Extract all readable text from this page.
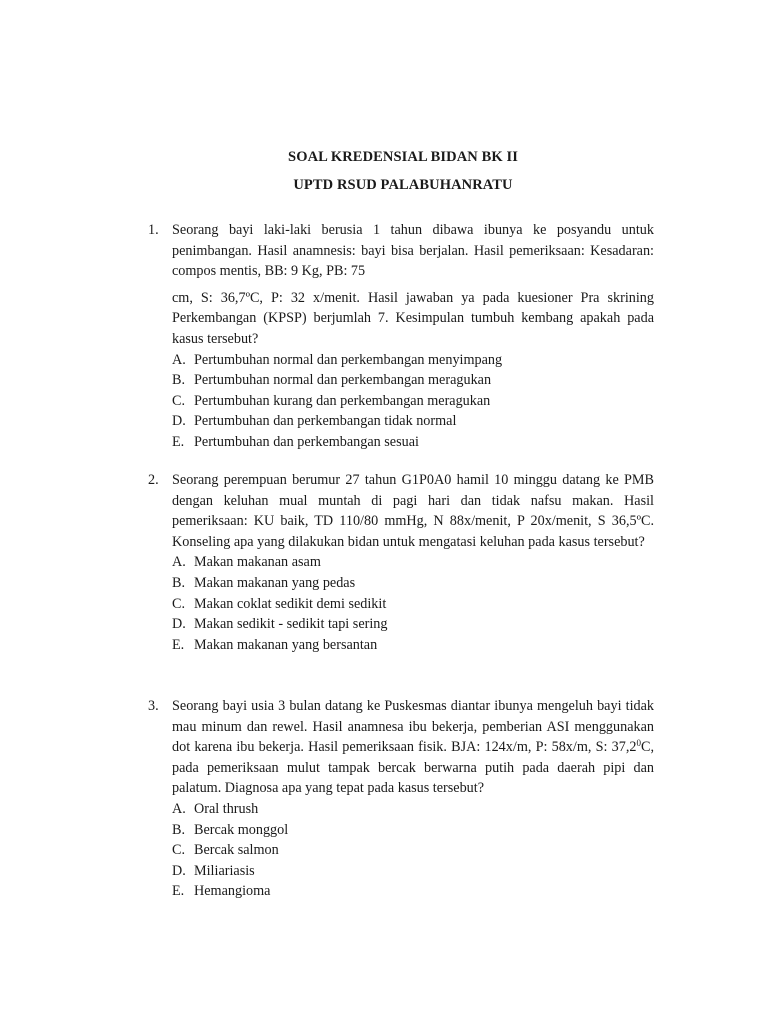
SOAL KREDENSIAL BIDAN BK II
UPTD RSUD PALABUHANRATU
1. Seorang bayi laki-laki berusia 1 tahun dibawa ibunya ke posyandu untuk penimbangan. Hasil anamnesis: bayi bisa berjalan. Hasil pemeriksaan: Kesadaran: compos mentis, BB: 9 Kg, PB: 75

cm, S: 36,7ºC, P: 32 x/menit. Hasil jawaban ya pada kuesioner Pra skrining Perkembangan (KPSP) berjumlah 7. Kesimpulan tumbuh kembang apakah pada kasus tersebut?

A. Pertumbuhan normal dan perkembangan menyimpang
B. Pertumbuhan normal dan perkembangan meragukan
C. Pertumbuhan kurang dan perkembangan meragukan
D. Pertumbuhan dan perkembangan tidak normal
E. Pertumbuhan dan perkembangan sesuai
2. Seorang perempuan berumur 27 tahun G1P0A0 hamil 10 minggu datang ke PMB dengan keluhan mual muntah di pagi hari dan tidak nafsu makan. Hasil pemeriksaan: KU baik, TD 110/80 mmHg, N 88x/menit, P 20x/menit, S 36,5ºC. Konseling apa yang dilakukan bidan untuk mengatasi keluhan pada kasus tersebut?

A. Makan makanan asam
B. Makan makanan yang pedas
C. Makan coklat sedikit demi sedikit
D. Makan sedikit - sedikit tapi sering
E. Makan makanan yang bersantan
3. Seorang bayi usia 3 bulan datang ke Puskesmas diantar ibunya mengeluh bayi tidak mau minum dan rewel. Hasil anamnesa ibu bekerja, pemberian ASI menggunakan dot karena ibu bekerja. Hasil pemeriksaan fisik. BJA: 124x/m, P: 58x/m, S: 37,2$^0$C, pada pemeriksaan mulut tampak bercak berwarna putih pada daerah pipi dan palatum. Diagnosa apa yang tepat pada kasus tersebut?

A. Oral thrush
B. Bercak monggol
C. Bercak salmon
D. Miliariasis
E. Hemangioma
